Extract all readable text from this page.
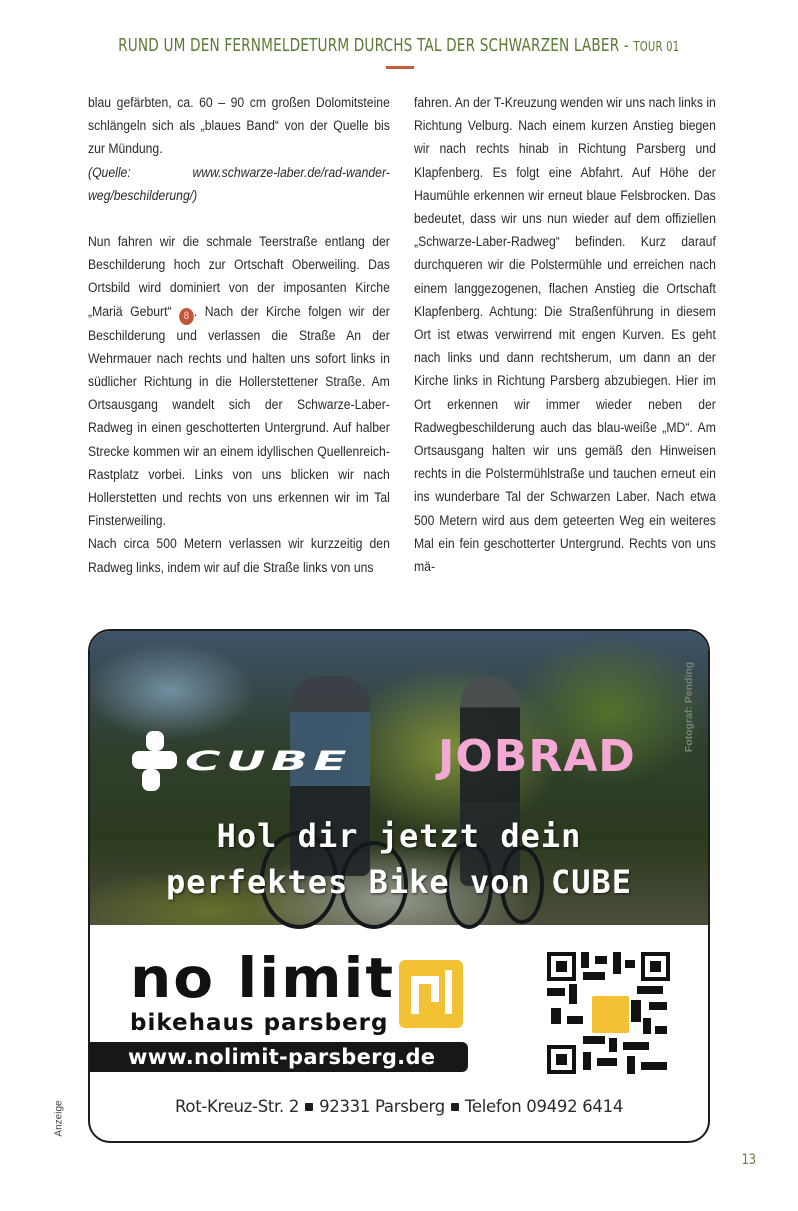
RUND UM DEN FERNMELDETURM DURCHS TAL DER SCHWARZEN LABER - TOUR 01

blau gefärbten, ca. 60 – 90 cm großen Dolomitsteine schlängeln sich als „blaues Band“ von der Quelle bis zur Mündung.

(Quelle: www.schwarze-laber.de/rad-wander-weg/beschilderung/)

Nun fahren wir die schmale Teerstraße entlang der Beschilderung hoch zur Ortschaft Oberweiling. Das Ortsbild wird dominiert von der imposanten Kirche „Mariä Geburt“ 8 . Nach der Kirche folgen wir der Beschilderung und verlassen die Straße An der Wehrmauer nach rechts und halten uns sofort links in südlicher Richtung in die Hollerstettener Straße. Am Ortsausgang wandelt sich der Schwarze-Laber-Radweg in einen geschotterten Untergrund. Auf halber Strecke kommen wir an einem idyllischen Quellenreich-Rastplatz vorbei. Links von uns blicken wir nach Hollerstetten und rechts von uns erkennen wir im Tal Finsterweiling.

Nach circa 500 Metern verlassen wir kurzzeitig den Radweg links, indem wir auf die Straße links von uns

fahren. An der T-Kreuzung wenden wir uns nach links in Richtung Velburg. Nach einem kurzen Anstieg biegen wir nach rechts hinab in Richtung Parsberg und Klapfenberg. Es folgt eine Abfahrt. Auf Höhe der Haumühle erkennen wir erneut blaue Felsbrocken. Das bedeutet, dass wir uns nun wieder auf dem offiziellen „Schwarze-Laber-Radweg“ befinden. Kurz darauf durchqueren wir die Polstermühle und erreichen nach einem langgezogenen, flachen Anstieg die Ortschaft Klapfenberg. Achtung: Die Straßenführung in diesem Ort ist etwas verwirrend mit engen Kurven. Es geht nach links und dann rechtsherum, um dann an der Kirche links in Richtung Parsberg abzubiegen. Hier im Ort erkennen wir immer wieder neben der Radwegbeschilderung auch das blau-weiße „MD“. Am Ortsausgang halten wir uns gemäß den Hinweisen rechts in die Polstermühlstraße und tauchen erneut ein ins wunderbare Tal der Schwarzen Laber. Nach etwa 500 Metern wird aus dem geteerten Weg ein weiteres Mal ein fein geschotterter Untergrund. Rechts von uns mä-

CUBE JOBRAD
Fotograf: Pending
Hol dir jetzt dein
perfektes Bike von CUBE
no limit
bikehaus parsberg
www.nolimit-parsberg.de
Rot-Kreuz-Str. 2 92331 Parsberg Telefon 09492 6414
Anzeige
13
